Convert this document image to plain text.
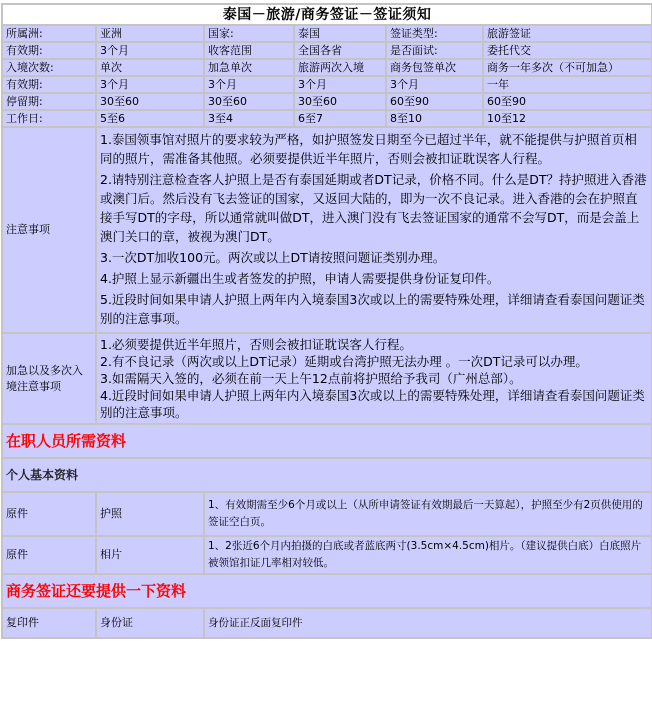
泰国－旅游/商务签证－签证须知					
所属洲:	亚洲	国家:	泰国	签证类型:	旅游签证
有效期:	3个月	收客范围	全国各省	是否面试:	委托代交
入境次数:	单次	加急单次	旅游两次入境	商务包签单次	商务一年多次（不可加急）
有效期:	3个月	3个月	3个月	3个月	一年
停留期:	30至60	30至60	30至60	60至90	60至90
工作日:	5至6	3至4	6至7	8至10	10至12
注意事项	1.泰国领事馆对照片的要求较为严格，如护照签发日期至今已超过半年，就不能提供与护照首页相同的照片，需准备其他照。必须要提供近半年照片，否则会被扣证耽误客人行程。

2.请特别注意检查客人护照上是否有泰国延期或者DT记录，价格不同。什么是DT？持护照进入香港或澳门后。然后没有飞去签证的国家，又返回大陆的，即为一次不良记录。进入香港的会在护照直接手写DT的字母，所以通常就叫做DT，进入澳门没有飞去签证国家的通常不会写DT，而是会盖上澳门关口的章，被视为澳门DT。

3.一次DT加收100元。两次或以上DT请按照问题证类别办理。

4.护照上显示新疆出生或者签发的护照，申请人需要提供身份证复印件。

5.近段时间如果申请人护照上两年内入境泰国3次或以上的需要特殊处理，详细请查看泰国问题证类别的注意事项。				

加急以及多次入境注意事项	1.必须要提供近半年照片，否则会被扣证耽误客人行程。
2.有不良记录（两次或以上DT记录）延期或台湾护照无法办理 。一次DT记录可以办理。
3.如需隔天入签的，必须在前一天上午12点前将护照给予我司（广州总部）。
4.近段时间如果申请人护照上两年内入境泰国3次或以上的需要特殊处理，详细请查看泰国问题证类别的注意事项。				

在职人员所需资料					
个人基本资料					
原件	护照	1、有效期需至少6个月或以上（从所申请签证有效期最后一天算起），护照至少有2页供使用的签证空白页。			
原件	相片	1、2张近6个月内拍摄的白底或者蓝底两寸(3.5cm×4.5cm)相片。（建议提供白底）白底照片被领馆扣证几率相对较低。			
商务签证还要提供一下资料					
复印件	身份证	身份证正反面复印件			
